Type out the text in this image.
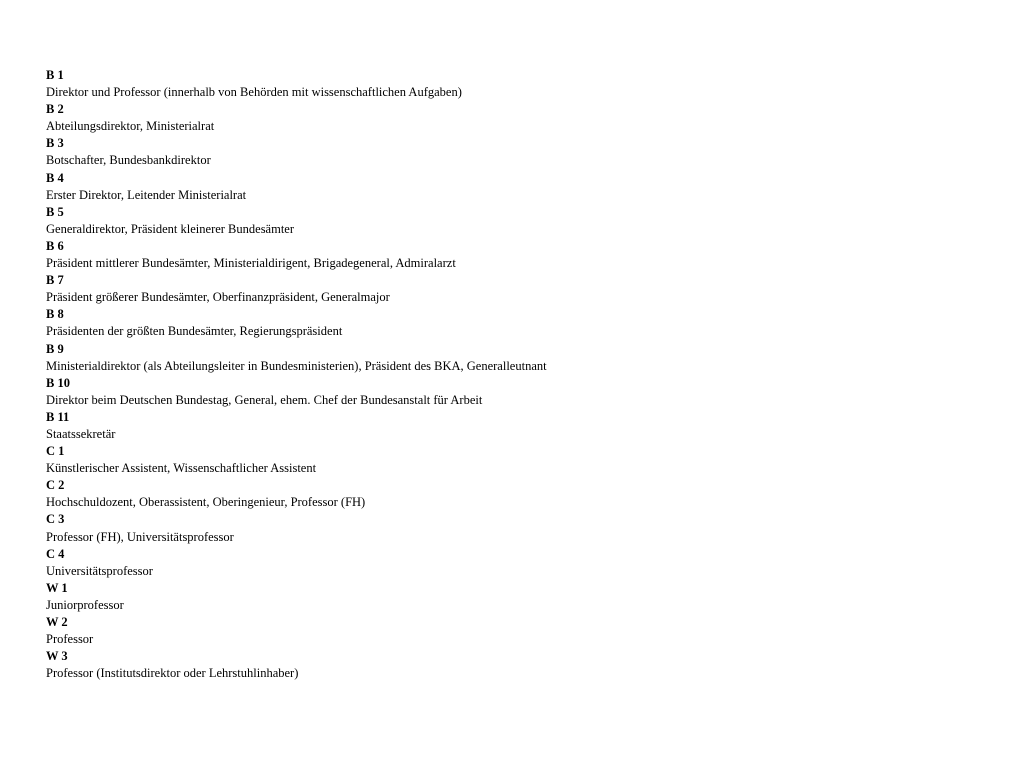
B 1
Direktor und Professor (innerhalb von Behörden mit wissenschaftlichen Aufgaben)
B 2
Abteilungsdirektor, Ministerialrat
B 3
Botschafter, Bundesbankdirektor
B 4
Erster Direktor, Leitender Ministerialrat
B 5
Generaldirektor, Präsident kleinerer Bundesämter
B 6
Präsident mittlerer Bundesämter, Ministerialdirigent, Brigadegeneral, Admiralarzt
B 7
Präsident größerer Bundesämter, Oberfinanzpräsident, Generalmajor
B 8
Präsidenten der größten Bundesämter, Regierungspräsident
B 9
Ministerialdirektor (als Abteilungsleiter in Bundesministerien), Präsident des BKA, Generalleutnant
B 10
Direktor beim Deutschen Bundestag, General, ehem. Chef der Bundesanstalt für Arbeit
B 11
Staatssekretär
C 1
Künstlerischer Assistent, Wissenschaftlicher Assistent
C 2
Hochschuldozent, Oberassistent, Oberingenieur, Professor (FH)
C 3
Professor (FH), Universitätsprofessor
C 4
Universitätsprofessor
W 1
Juniorprofessor
W 2
Professor
W 3
Professor (Institutsdirektor oder Lehrstuhlinhaber)
